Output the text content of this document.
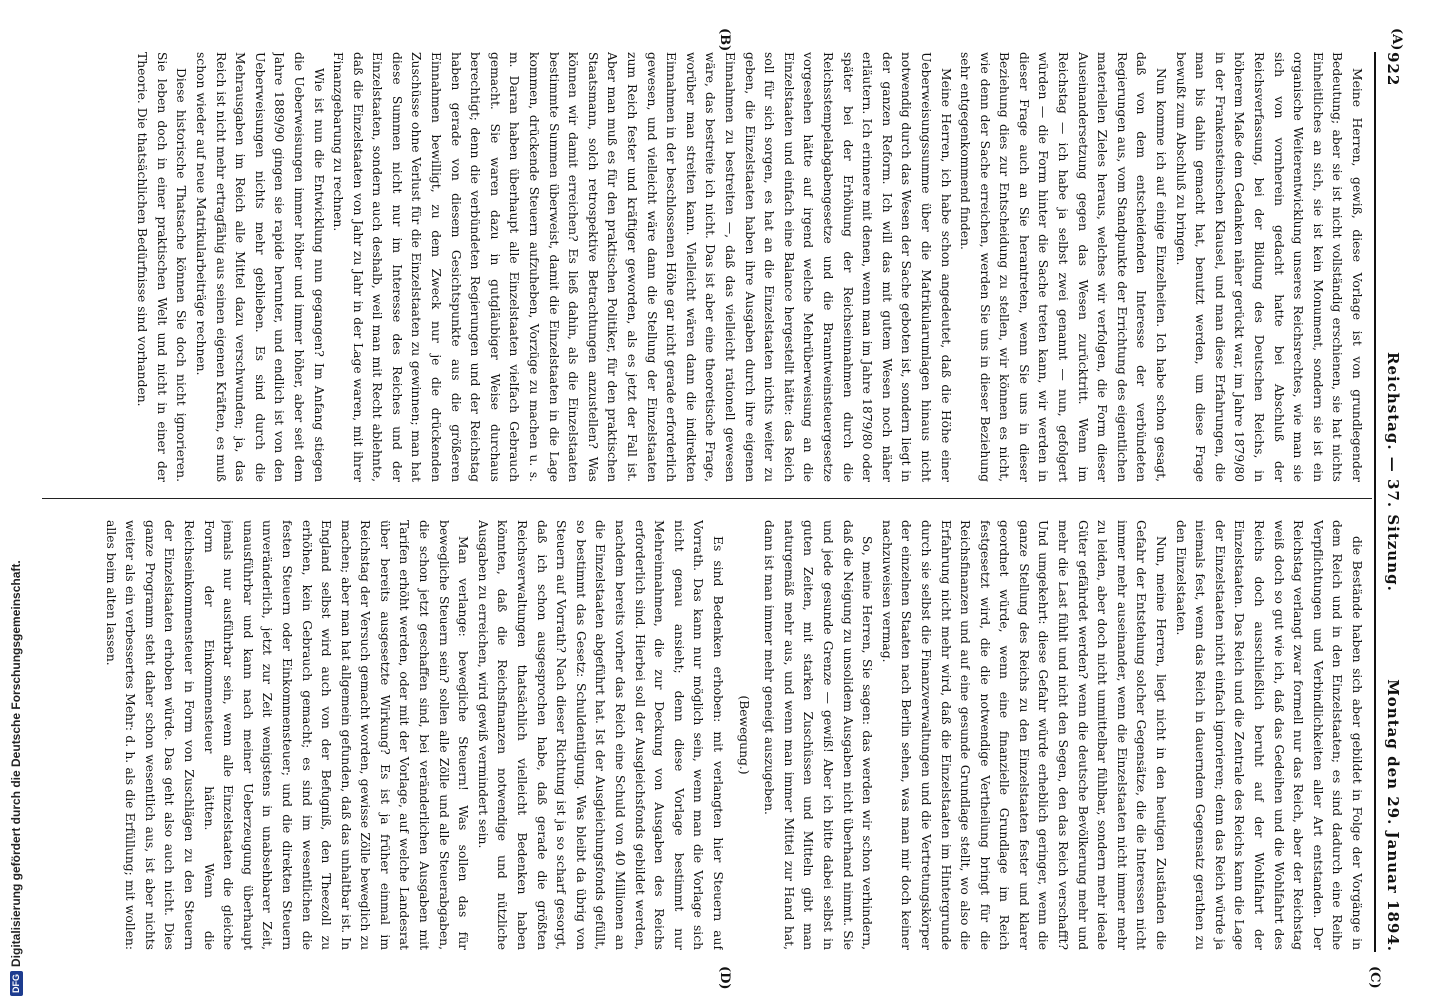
922
Reichstag. — 37. Sitzung.
Montag den 29. Januar 1894.
(A)
(B)
(C)
(D)

Meine Herren, gewiß, diese Vorlage ist von grundlegender Bedeutung; aber sie ist nicht vollständig erschienen, sie hat nichts Einheitliches an sich, sie ist kein Monument, sondern sie ist ein organische Weiterentwicklung unseres Reichsrechtes, wie man sie sich von vornherein gedacht hatte bei Abschluß der Reichsverfassung, bei der Bildung des Deutschen Reichs, in höherem Maße dem Gedanken näher gerückt war, im Jahre 1879/80 in der Frankensteinschen Klausel, und man diese Erfahrungen, die man bis dahin gemacht hat, benutzt werden, um diese Frage bewußt zum Abschluß zu bringen.

Nun komme ich auf einige Einzelheiten. Ich habe schon gesagt, daß von dem entscheidenden Interesse der verbündeten Regierungen aus, vom Standpunkte der Errichtung des eigentlichen materiellen Zieles heraus, welches wir verfolgen, die Form dieser Auseinandersetzung gegen das Wesen zurücktritt. Wenn im Reichstag — ich habe ja selbst zwei genannt — nun, gefolgert würden — die Form hinter die Sache treten kann, wir werden in dieser Frage auch an Sie herantreten, wenn Sie uns in dieser Beziehung dies zur Entscheidung zu stellen, wir können es nicht, wie denn der Sache erreichen, werden Sie uns in dieser Beziehung sehr entgegenkommend finden.

Meine Herren, ich habe schon angedeutet, daß die Höhe einer Ueberweisungssumme über die Matrikularumlagen hinaus nicht notwendig durch das Wesen der Sache geboten ist, sondern liegt in der ganzen Reform. Ich will das mit gutem Wesen noch näher erläutern. Ich erinnere mit denen, wenn man im Jahre 1879/80 oder später bei der Erhöhung der Reichseinnahmen durch die Reichsstempelabgabengesetze und die Branntweinsteuergesetze vorgesehen hätte auf irgend welche Mehrüberweisung an die Einzelstaaten und einfach eine Balance hergestellt hätte: das Reich soll für sich sorgen, es hat an die Einzelstaaten nichts weiter zu geben, die Einzelstaaten haben ihre Ausgaben durch ihre eigenen Einnahmen zu bestreiten —, daß das vielleicht rationell gewesen wäre, das bestreite ich nicht. Das ist aber eine theoretische Frage, worüber man streiten kann. Vielleicht wären dann die indirekten Einnahmen in der beschlossenen Höhe gar nicht gerade erforderlich gewesen, und vielleicht wäre dann die Stellung der Einzelstaaten zum Reich fester und kräftiger geworden, als es jetzt der Fall ist. Aber man muß es für den praktischen Politiker, für den praktischen Staatsmann, solch retrospektive Betrachtungen anzustellen? Was können wir damit erreichen? Es ließ dahin, als die Einzelstaaten bestimmte Summen überweist, damit die Einzelstaaten in die Lage kommen, drückende Steuern aufzuheben, Vorzüge zu machen u. s. m. Daran haben überhaupt alle Einzelstaaten vielfach Gebrauch gemacht. Sie waren dazu in gutgläubiger Weise durchaus berechtigt; denn die verbündeten Regierungen und der Reichstag haben gerade von diesem Gesichtspunkte aus die größeren Einnahmen bewilligt, zu dem Zweck nur je die drückenden Zuschüsse ohne Verlust für die Einzelstaaten zu gewinnen; man hat diese Summen nicht nur im Interesse des Reiches und der Einzelstaaten, sondern auch deshalb, weil man mit Recht ablehnte, daß die Einzelstaaten von Jahr zu Jahr in der Lage waren, mit ihrer Finanzgebarung zu rechnen.

Wie ist nun die Entwicklung nun gegangen? Im Anfang stiegen die Ueberweisungen immer höher und immer höher, aber seit dem Jahre 1889/90 gingen sie rapide herunter, und endlich ist von den Ueberweisungen nichts mehr geblieben. Es sind durch die Mehrausgaben im Reich alle Mittel dazu verschwunden; ja, das Reich ist nicht mehr ertragfähig aus seinen eigenen Kräften, es muß schon wieder auf neue Matrikularbeiträge rechnen.

Diese historische Thatsache können Sie doch nicht ignorieren. Sie leben doch in einer praktischen Welt und nicht in einer der Theorie. Die thatsächlichen Bedürfnisse sind vorhanden.

die Bestände haben sich aber gebildet in Folge der Vorgänge in dem Reich und in den Einzelstaaten; es sind dadurch eine Reihe Verpflichtungen und Verbindlichkeiten aller Art entstanden. Der Reichstag verlangt zwar formell nur das Reich, aber der Reichstag weiß doch so gut wie ich, daß das Gedeihen und die Wohlfahrt des Reichs doch ausschließlich beruht auf der Wohlfahrt der Einzelstaaten. Das Reich und die Zentrale des Reichs kann die Lage der Einzelstaaten nicht einfach ignorieren; denn das Reich würde ja niemals fest, wenn das Reich in dauerndem Gegensatz gerathen zu den Einzelstaaten.

Nun, meine Herren, liegt nicht in den heutigen Zuständen die Gefahr der Entstehung solcher Gegensätze, die die Interessen nicht immer mehr auseinander, wenn die Einzelstaaten nicht immer mehr zu leiden, aber doch nicht unmittelbar fühlbar, sondern mehr ideale Güter gefährdet werden? wenn die deutsche Bevölkerung mehr und mehr die Last fühlt und nicht den Segen, den das Reich verschafft? Und umgekehrt: diese Gefahr würde erheblich geringer, wenn die ganze Stellung des Reichs zu den Einzelstaaten fester und klarer geordnet würde, wenn eine finanzielle Grundlage im Reich festgesetzt wird, die die notwendige Vertheilung bringt für die Reichsfinanzen und auf eine gesunde Grundlage stellt, wo also die Erfahrung nicht mehr wird, daß die Einzelstaaten im Hintergrunde durch sie selbst die Finanzverwaltungen und die Vertretungskörper der einzelnen Staaten nach Berlin sehen, was man mir doch keiner nachzuweisen vermag.

So, meine Herren, Sie sagen: das werden wir schon verhindern, daß die Neigung zu unsolidem Ausgaben nicht überhand nimmt. Sie und jede gesunde Grenze — gewiß! Aber ich bitte dabei selbst in guten Zeiten, mit starken Zuschüssen und Mitteln gibt man naturgemäß mehr aus, und wenn man immer Mittel zur Hand hat, dann ist man immer mehr geneigt auszugeben.

(Bewegung.)

Es sind Bedenken erhoben: mit verlangten hier Steuern auf Vorrath. Das kann nur möglich sein, wenn man die Vorlage sich nicht genau ansieht; denn diese Vorlage bestimmt nur Mehreinnahmen, die zur Deckung von Ausgaben des Reichs erforderlich sind. Hierbei soll der Ausgleichsfonds gebildet werden, nachdem bereits vorher das Reich eine Schuld von 40 Millionen an die Einzelstaaten abgeführt hat. Ist der Ausgleichungsfonds gefüllt, so bestimmt das Gesetz: Schuldentilgung. Was bleibt da übrig von Steuern auf Vorrath? Nach dieser Richtung ist ja so scharf gesorgt, daß ich schon ausgesprochen habe, daß gerade die größten Reichsverwaltungen thatsächlich vielleicht Bedenken haben könnten, daß die Reichsfinanzen notwendige und nützliche Ausgaben zu erreichen, wird gewiß vermindert sein.

Man verlange: bewegliche Steuern! Was sollen das für bewegliche Steuern sein? sollen alle Zölle und alle Steuerabgaben, die schon jetzt geschaffen sind, bei veränderlichen Ausgaben mit Tarifen erhöht werden, oder mit der Vorlage, auf welche Landesrat über bereits ausgesetzte Wirkung? Es ist ja früher einmal im Reichstag der Versuch gemacht worden, gewisse Zölle beweglich zu machen; aber man hat allgemein gefunden, daß das unhaltbar ist. In England selbst wird auch von der Befugniß, den Theezoll zu erhöhen, kein Gebrauch gemacht; es sind im wesentlichen die festen Steuern oder Einkommensteuer; und die direkten Steuern unveränderlich, jetzt zur Zeit wenigstens in unabsehbarer Zeit, unausführbar und kann nach meiner Ueberzeugung überhaupt jemals nur ausführbar sein, wenn alle Einzelstaaten die gleiche Form der Einkommensteuer hätten. Wenn die Reichseinkommensteuer in Form von Zuschlägen zu den Steuern der Einzelstaaten erhoben würde. Das geht also auch nicht. Dies ganze Programm steht daher schon wesentlich aus, ist aber nichts weiter als ein verbessertes Mehr: d. h. als die Erfüllung; mit wollen: alles beim alten lassen.

DFGDigitalisierung gefördert durch die Deutsche Forschungsgemeinschaft.
